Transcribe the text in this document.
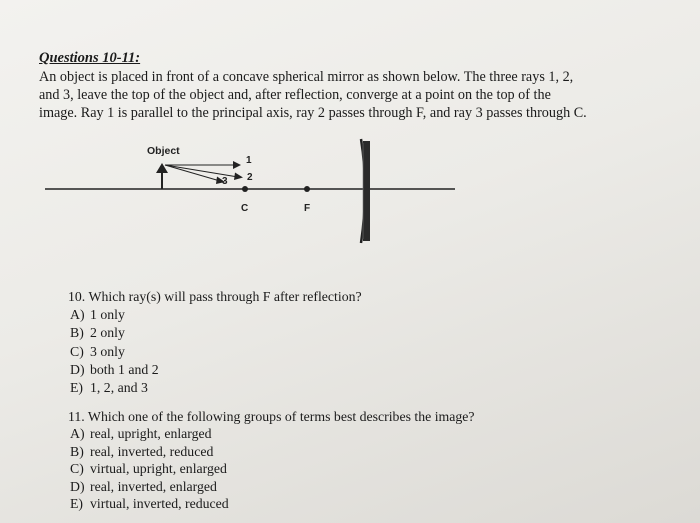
Questions 10-11:
An object is placed in front of a concave spherical mirror as shown below. The three rays 1, 2,
and 3, leave the top of the object and, after reflection, converge at a point on the top of the
image. Ray 1 is parallel to the principal axis, ray 2 passes through F, and ray 3 passes through C.
Object
1
2
3
C	F
10. Which ray(s) will pass through F after reflection?
A) 1 only
B) 2 only
C) 3 only
D) both 1 and 2
E) 1, 2, and 3
11. Which one of the following groups of terms best describes the image?
A) real, upright, enlarged
B) real, inverted, reduced
C) virtual, upright, enlarged
D) real, inverted, enlarged
E) virtual, inverted, reduced
